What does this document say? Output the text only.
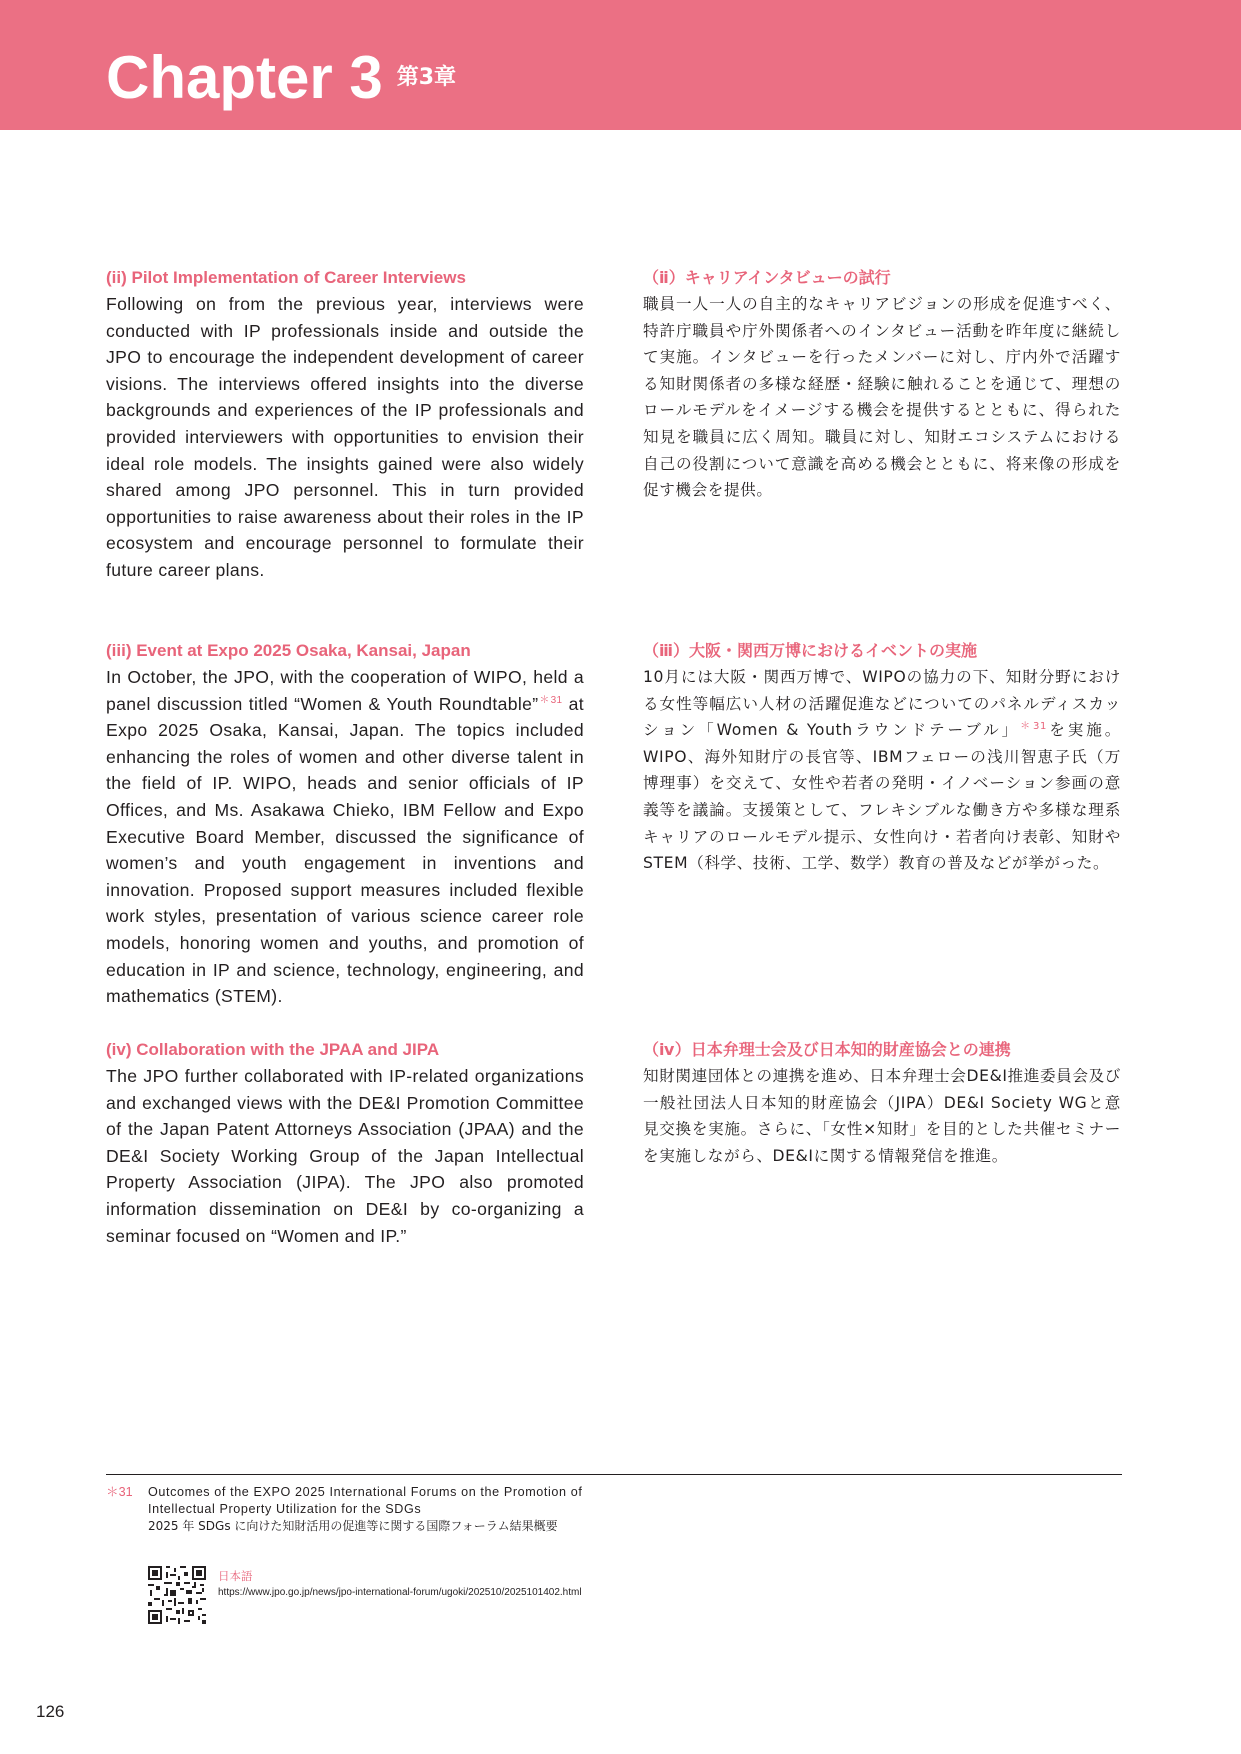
Chapter 3 第3章
(ii) Pilot Implementation of Career Interviews

Following on from the previous year, interviews were conducted with IP professionals inside and outside the JPO to encourage the independent development of career visions. The interviews offered insights into the diverse backgrounds and experiences of the IP professionals and provided interviewers with opportunities to envision their ideal role models. The insights gained were also widely shared among JPO personnel. This in turn provided opportunities to raise awareness about their roles in the IP ecosystem and encourage personnel to formulate their future career plans.

（ⅱ）キャリアインタビューの試行

職員一人一人の自主的なキャリアビジョンの形成を促進すべく、特許庁職員や庁外関係者へのインタビュー活動を昨年度に継続して実施。インタビューを行ったメンバーに対し、庁内外で活躍する知財関係者の多様な経歴・経験に触れることを通じて、理想のロールモデルをイメージする機会を提供するとともに、得られた知見を職員に広く周知。職員に対し、知財エコシステムにおける自己の役割について意識を高める機会とともに、将来像の形成を促す機会を提供。

(iii) Event at Expo 2025 Osaka, Kansai, Japan

In October, the JPO, with the cooperation of WIPO, held a panel discussion titled “Women & Youth Roundtable”$^{*31}$ at Expo 2025 Osaka, Kansai, Japan. The topics included enhancing the roles of women and other diverse talent in the field of IP. WIPO, heads and senior officials of IP Offices, and Ms. Asakawa Chieko, IBM Fellow and Expo Executive Board Member, discussed the significance of women’s and youth engagement in inventions and innovation. Proposed support measures included flexible work styles, presentation of various science career role models, honoring women and youths, and promotion of education in IP and science, technology, engineering, and mathematics (STEM).

（ⅲ）大阪・関西万博におけるイベントの実施

10月には大阪・関西万博で、WIPOの協力の下、知財分野における女性等幅広い人材の活躍促進などについてのパネルディスカッション「Women & Youthラウンドテーブル」$^{*31}$を実施。WIPO、海外知財庁の長官等、IBMフェローの浅川智恵子氏（万博理事）を交えて、女性や若者の発明・イノベーション参画の意義等を議論。支援策として、フレキシブルな働き方や多様な理系キャリアのロールモデル提示、女性向け・若者向け表彰、知財やSTEM（科学、技術、工学、数学）教育の普及などが挙がった。

(iv) Collaboration with the JPAA and JIPA

The JPO further collaborated with IP-related organizations and exchanged views with the DE&I Promotion Committee of the Japan Patent Attorneys Association (JPAA) and the DE&I Society Working Group of the Japan Intellectual Property Association (JIPA). The JPO also promoted information dissemination on DE&I by co-organizing a seminar focused on “Women and IP.”

（ⅳ）日本弁理士会及び日本知的財産協会との連携

知財関連団体との連携を進め、日本弁理士会DE&I推進委員会及び一般社団法人日本知的財産協会（JIPA）DE&I Society WGと意見交換を実施。さらに、「女性×知財」を目的とした共催セミナーを実施しながら、DE&Iに関する情報発信を推進。

＊31 Outcomes of the EXPO 2025 International Forums on the Promotion of Intellectual Property Utilization for the SDGs
2025 年 SDGs に向けた知財活用の促進等に関する国際フォーラム結果概要
日本語
https://www.jpo.go.jp/news/jpo-international-forum/ugoki/202510/2025101402.html
126
